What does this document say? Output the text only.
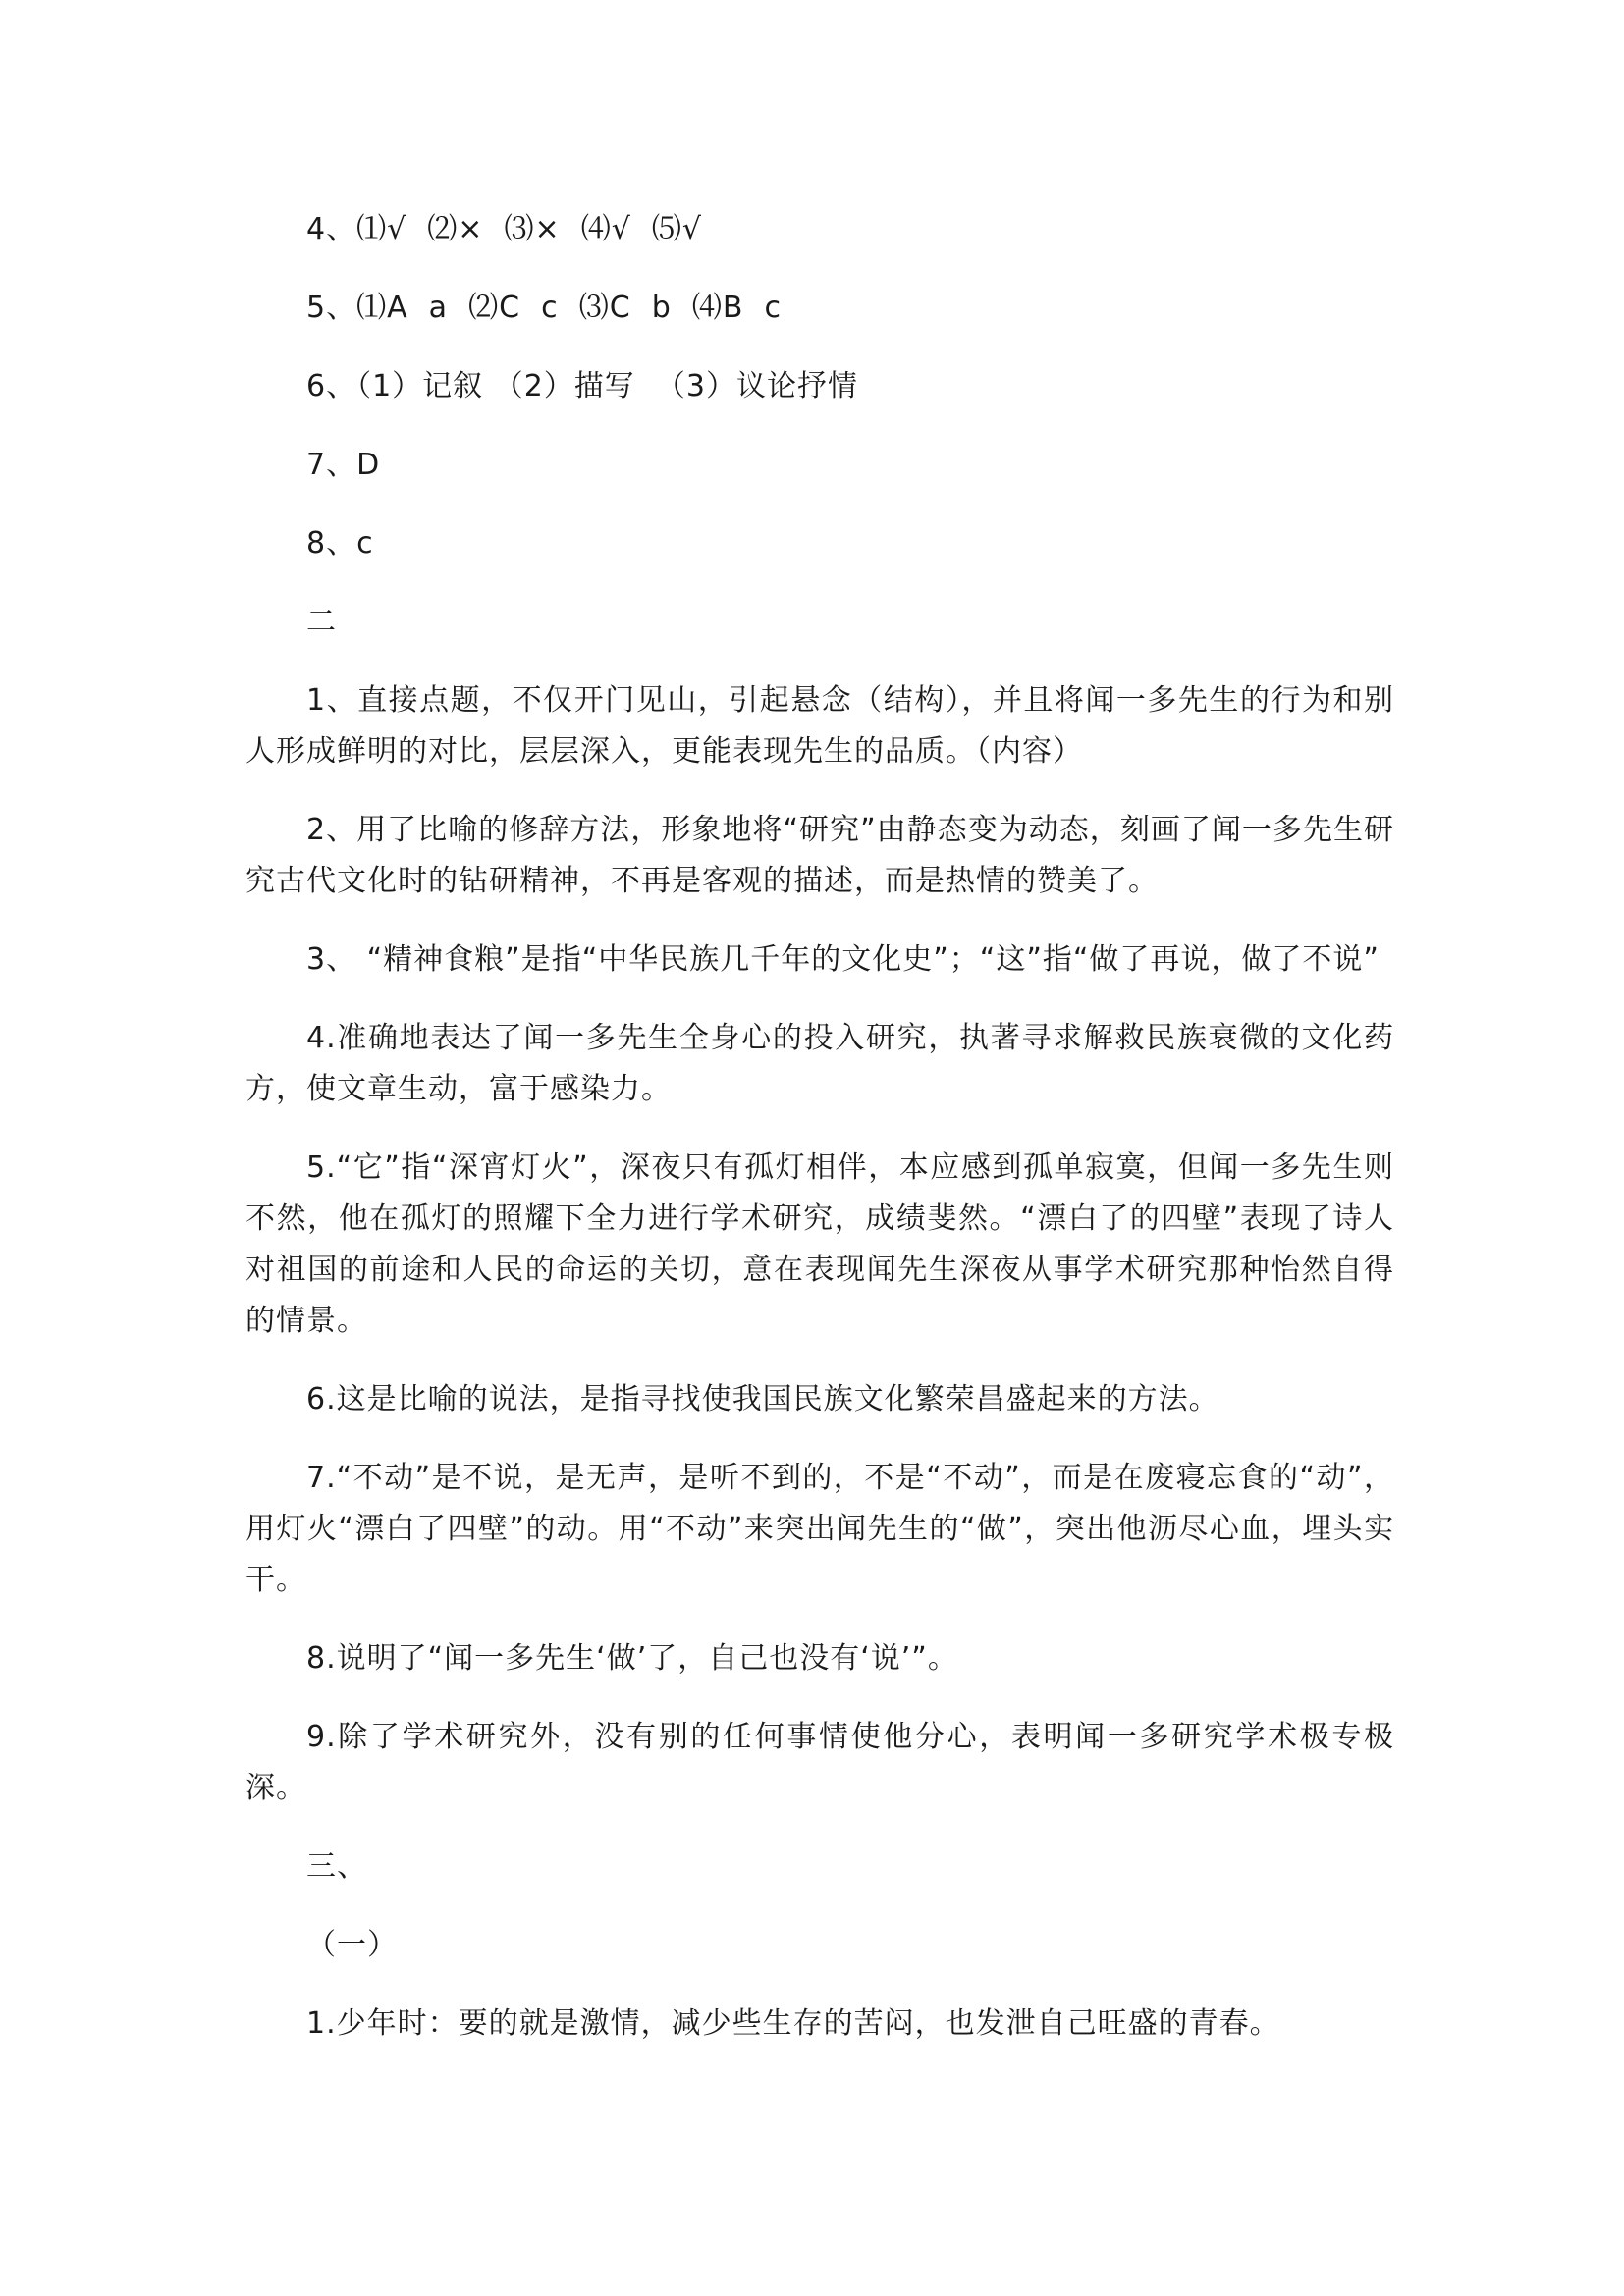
4、⑴√  ⑵×  ⑶×  ⑷√  ⑸√

5、⑴A  a  ⑵C  c  ⑶C  b  ⑷B  c

6、（1）记叙 （2）描写  （3）议论抒情

7、D

8、c

二

1、直接点题，不仅开门见山，引起悬念（结构），并且将闻一多先生的行为和别人形成鲜明的对比，层层深入，更能表现先生的品质。（内容）

2、用了比喻的修辞方法，形象地将“研究”由静态变为动态，刻画了闻一多先生研究古代文化时的钻研精神，不再是客观的描述，而是热情的赞美了。

3、 “精神食粮”是指“中华民族几千年的文化史”；“这”指“做了再说，做了不说”

4.准确地表达了闻一多先生全身心的投入研究，执著寻求解救民族衰微的文化药方，使文章生动，富于感染力。

5.“它”指“深宵灯火”，深夜只有孤灯相伴，本应感到孤单寂寞，但闻一多先生则不然，他在孤灯的照耀下全力进行学术研究，成绩斐然。“漂白了的四壁”表现了诗人对祖国的前途和人民的命运的关切，意在表现闻先生深夜从事学术研究那种怡然自得的情景。

6.这是比喻的说法，是指寻找使我国民族文化繁荣昌盛起来的方法。

7.“不动”是不说，是无声，是听不到的，不是“不动”，而是在废寝忘食的“动”，用灯火“漂白了四壁”的动。用“不动”来突出闻先生的“做”，突出他沥尽心血，埋头实干。

8.说明了“闻一多先生‘做’了，自己也没有‘说’”。

9.除了学术研究外，没有别的任何事情使他分心，表明闻一多研究学术极专极深。

三、

（一）

1.少年时：要的就是激情，减少些生存的苦闷，也发泄自己旺盛的青春。
